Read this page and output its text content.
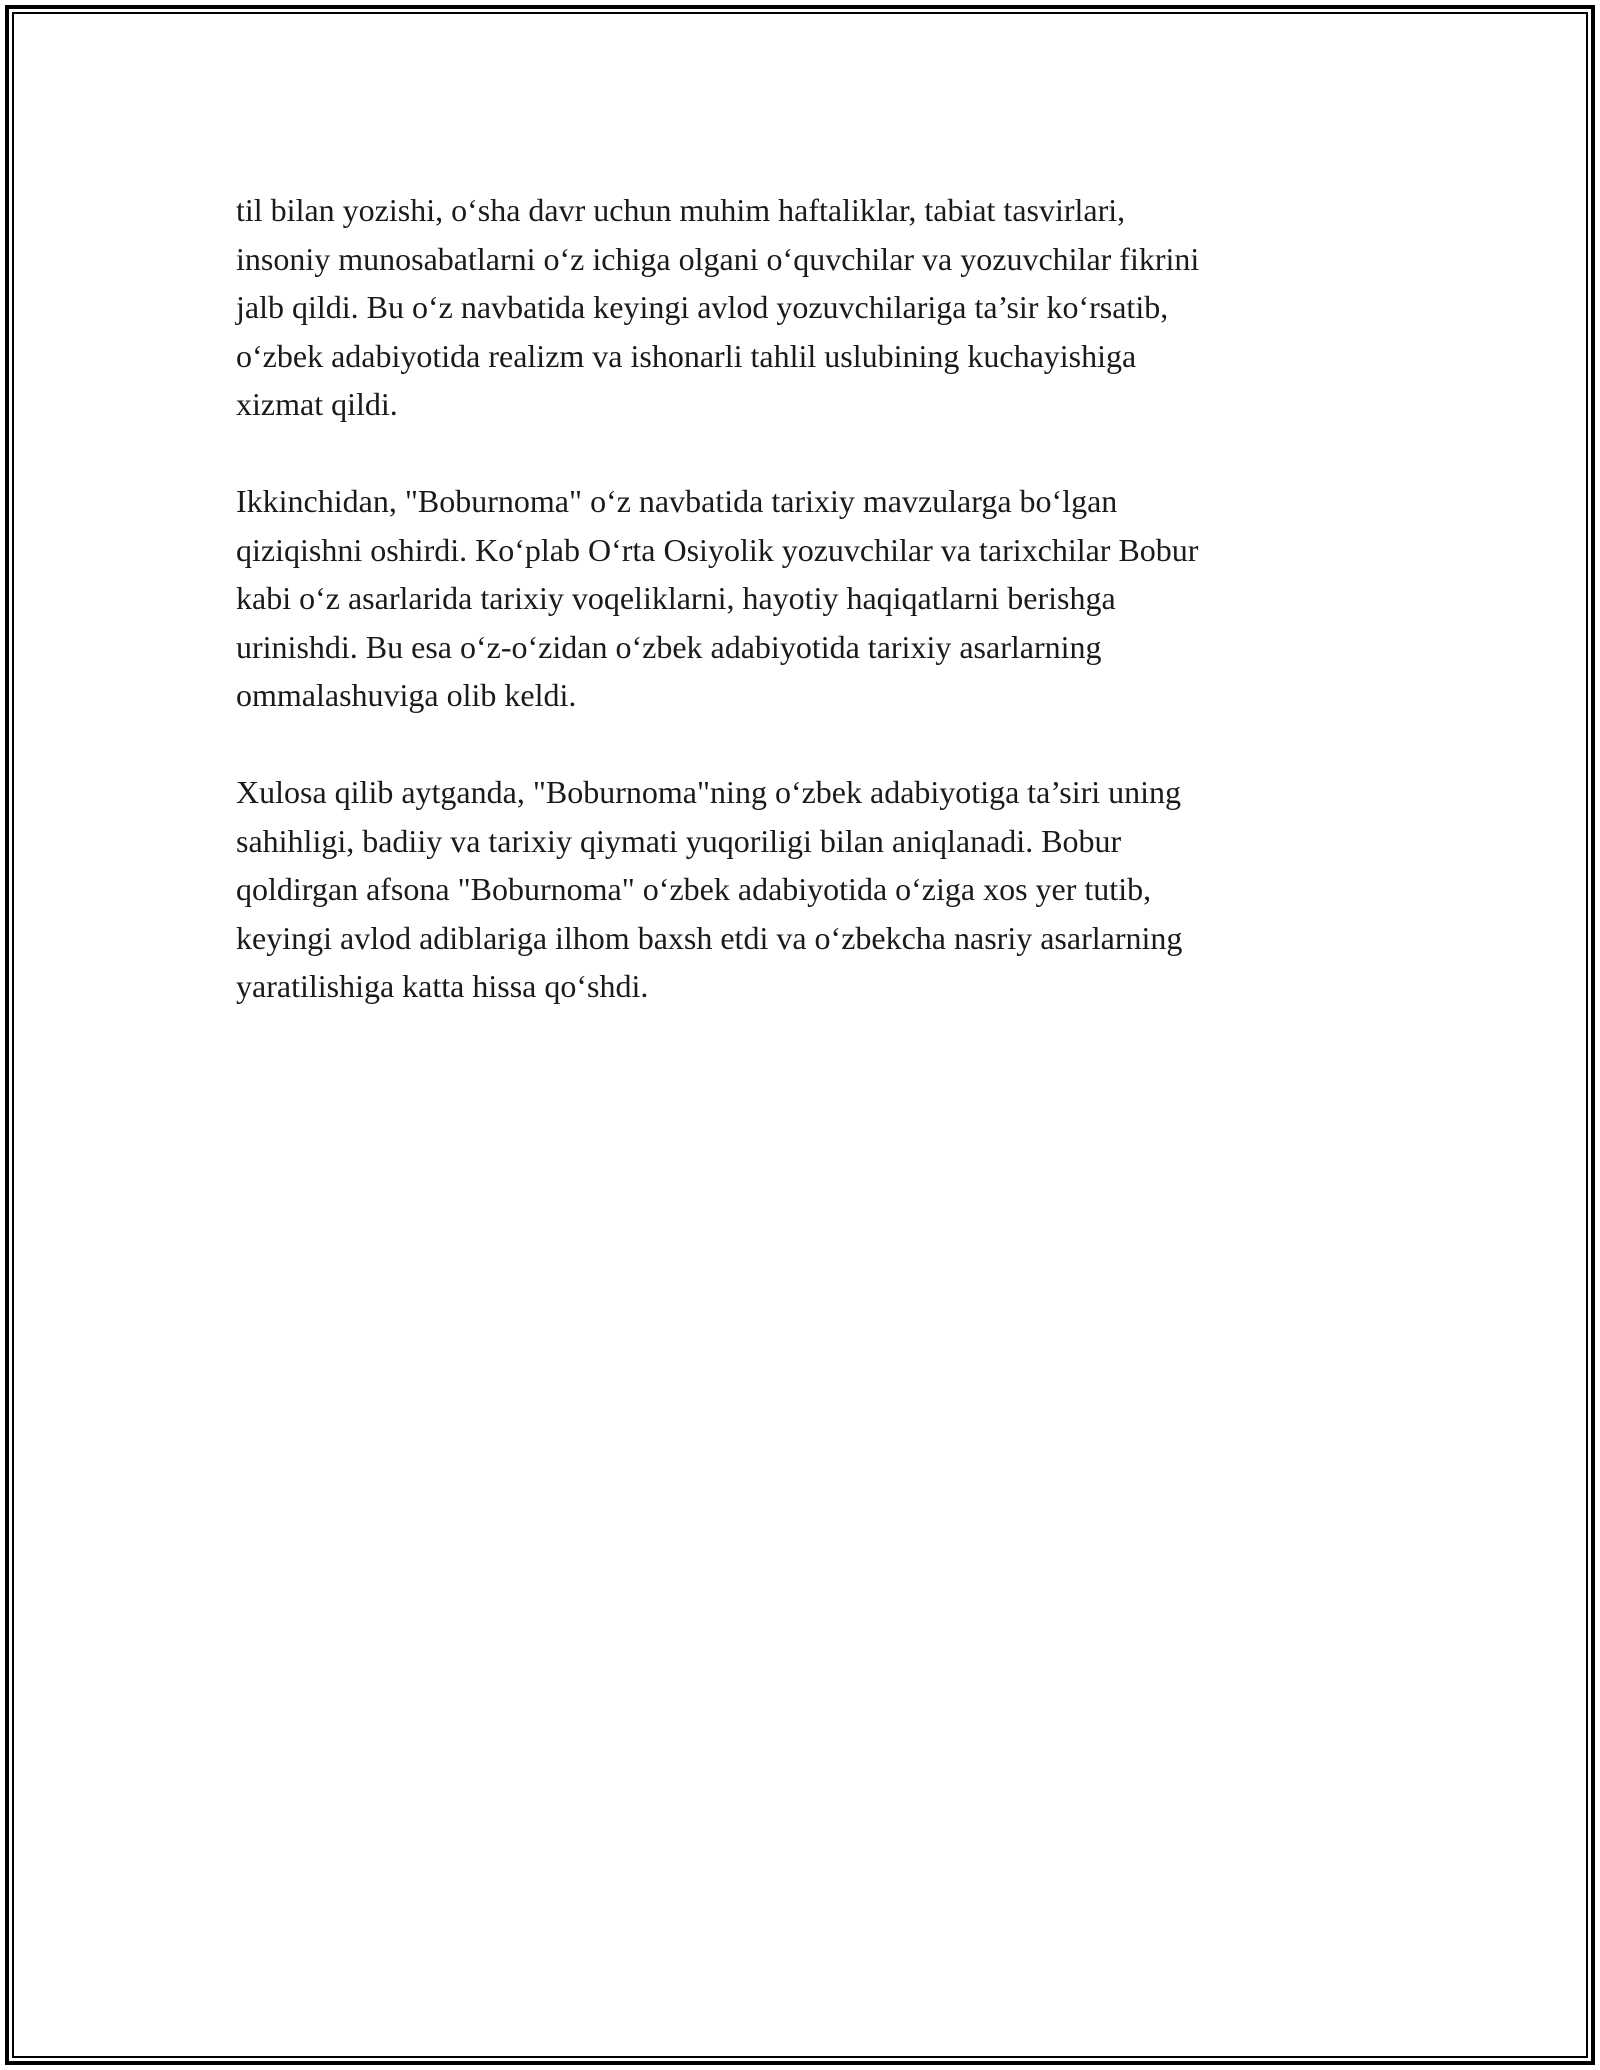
til bilan yozishi, o‘sha davr uchun muhim haftaliklar, tabiat tasvirlari,
insoniy munosabatlarni o‘z ichiga olgani o‘quvchilar va yozuvchilar fikrini
jalb qildi. Bu o‘z navbatida keyingi avlod yozuvchilariga ta’sir ko‘rsatib,
o‘zbek adabiyotida realizm va ishonarli tahlil uslubining kuchayishiga
xizmat qildi.

Ikkinchidan, "Boburnoma" o‘z navbatida tarixiy mavzularga bo‘lgan
qiziqishni oshirdi. Ko‘plab O‘rta Osiyolik yozuvchilar va tarixchilar Bobur
kabi o‘z asarlarida tarixiy voqeliklarni, hayotiy haqiqatlarni berishga
urinishdi. Bu esa o‘z-o‘zidan o‘zbek adabiyotida tarixiy asarlarning
ommalashuviga olib keldi.

Xulosa qilib aytganda, "Boburnoma"ning o‘zbek adabiyotiga ta’siri uning
sahihligi, badiiy va tarixiy qiymati yuqoriligi bilan aniqlanadi. Bobur
qoldirgan afsona "Boburnoma" o‘zbek adabiyotida o‘ziga xos yer tutib,
keyingi avlod adiblariga ilhom baxsh etdi va o‘zbekcha nasriy asarlarning
yaratilishiga katta hissa qo‘shdi.
